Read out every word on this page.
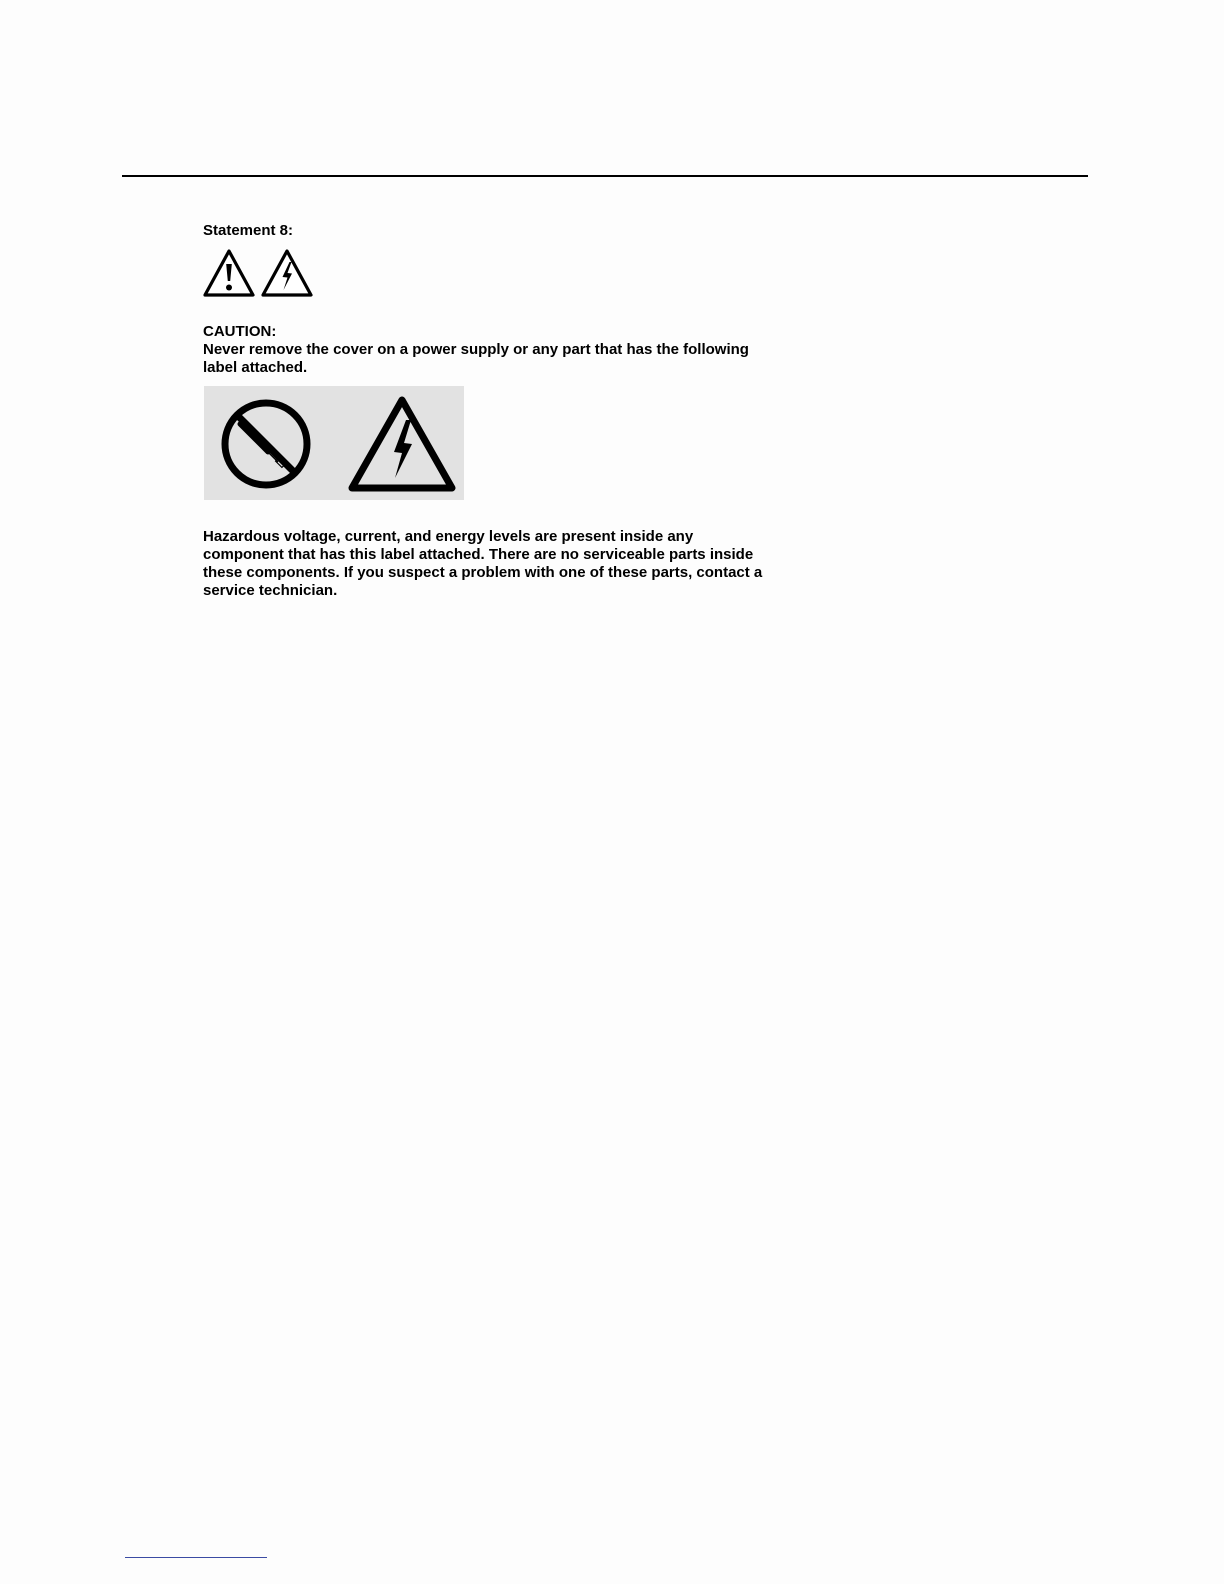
Statement 8:
CAUTION:
Never remove the cover on a power supply or any part that has the following
label attached.
Hazardous voltage, current, and energy levels are present inside any
component that has this label attached. There are no serviceable parts inside
these components. If you suspect a problem with one of these parts, contact a
service technician.
